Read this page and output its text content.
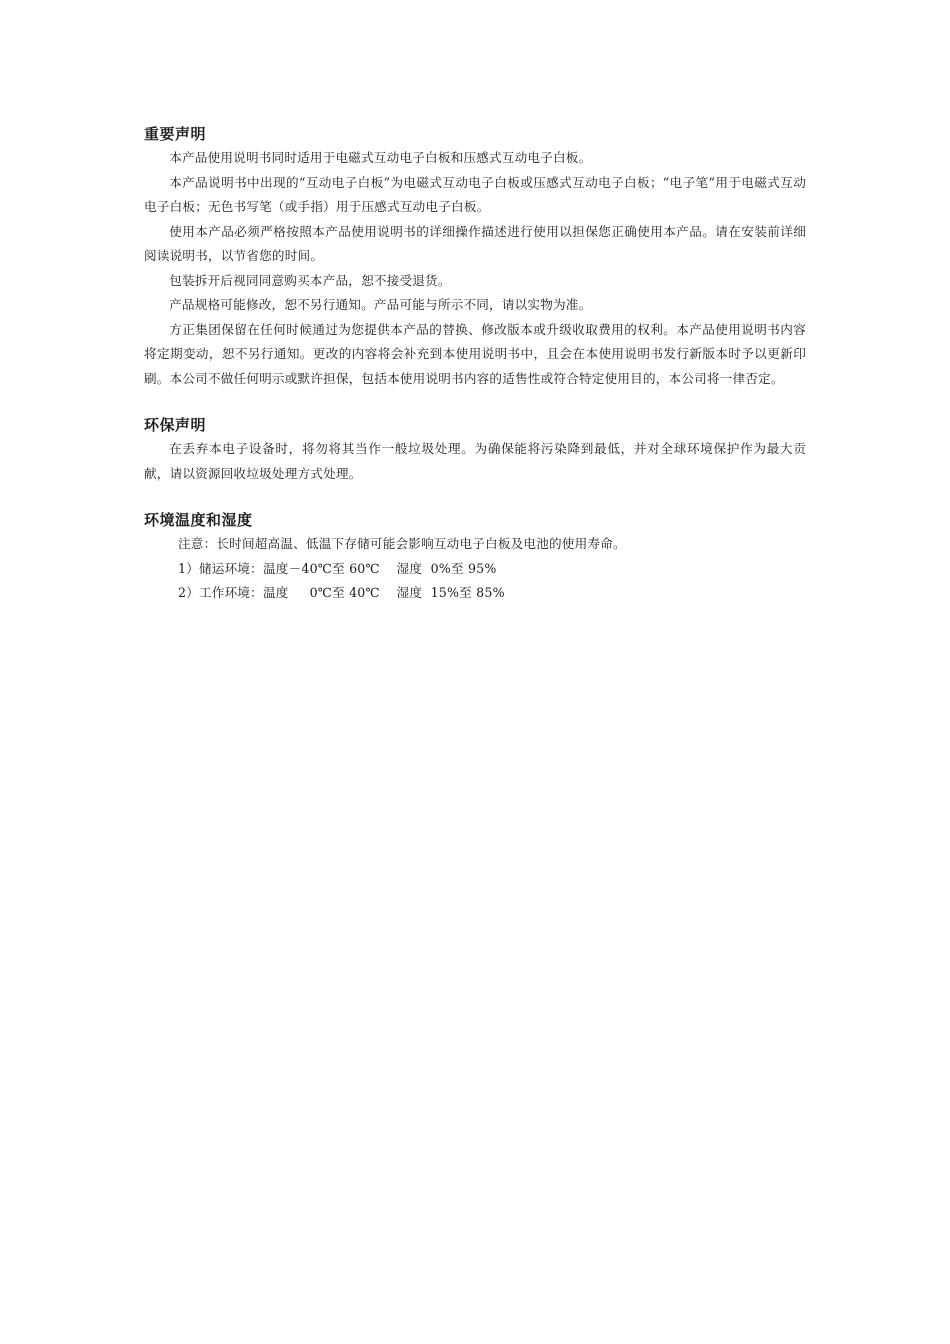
重要声明

本产品使用说明书同时适用于电磁式互动电子白板和压感式互动电子白板。

本产品说明书中出现的“互动电子白板”为电磁式互动电子白板或压感式互动电子白板；“电子笔”用于电磁式互动电子白板；无色书写笔（或手指）用于压感式互动电子白板。

使用本产品必须严格按照本产品使用说明书的详细操作描述进行使用以担保您正确使用本产品。请在安装前详细阅读说明书，以节省您的时间。

包装拆开后视同同意购买本产品，恕不接受退货。

产品规格可能修改，恕不另行通知。产品可能与所示不同，请以实物为准。

方正集团保留在任何时候通过为您提供本产品的替换、修改版本或升级收取费用的权利。本产品使用说明书内容将定期变动，恕不另行通知。更改的内容将会补充到本使用说明书中，且会在本使用说明书发行新版本时予以更新印刷。本公司不做任何明示或默许担保，包括本使用说明书内容的适售性或符合特定使用目的，本公司将一律否定。

环保声明

在丢弃本电子设备时，将勿将其当作一般垃圾处理。为确保能将污染降到最低，并对全球环境保护作为最大贡献，请以资源回收垃圾处理方式处理。

环境温度和湿度

注意：长时间超高温、低温下存储可能会影响互动电子白板及电池的使用寿命。

1）储运环境：温度－40℃至 60℃    湿度  0%至 95%

2）工作环境：温度     0℃至 40℃    湿度  15%至 85%
